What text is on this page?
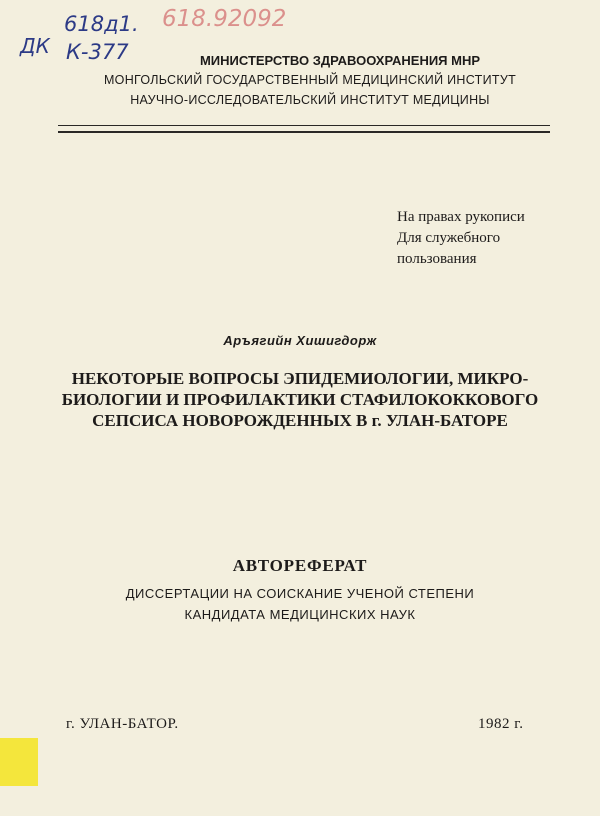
618д1.
ДК К-377
618.92092
МИНИСТЕРСТВО ЗДРАВООХРАНЕНИЯ МНР
МОНГОЛЬСКИЙ ГОСУДАРСТВЕННЫЙ МЕДИЦИНСКИЙ ИНСТИТУТ
НАУЧНО-ИССЛЕДОВАТЕЛЬСКИЙ ИНСТИТУТ МЕДИЦИНЫ
На правах рукописи
Для служебного
пользования
Аръягийн Хишигдорж
НЕКОТОРЫЕ ВОПРОСЫ ЭПИДЕМИОЛОГИИ, МИКРО-
БИОЛОГИИ И ПРОФИЛАКТИКИ СТАФИЛОКОККОВОГО
СЕПСИСА НОВОРОЖДЕННЫХ В г. УЛАН-БАТОРЕ
АВТОРЕФЕРАТ
ДИССЕРТАЦИИ НА СОИСКАНИЕ УЧЕНОЙ СТЕПЕНИ
КАНДИДАТА МЕДИЦИНСКИХ НАУК
г. УЛАН-БАТОР.	1982 г.
